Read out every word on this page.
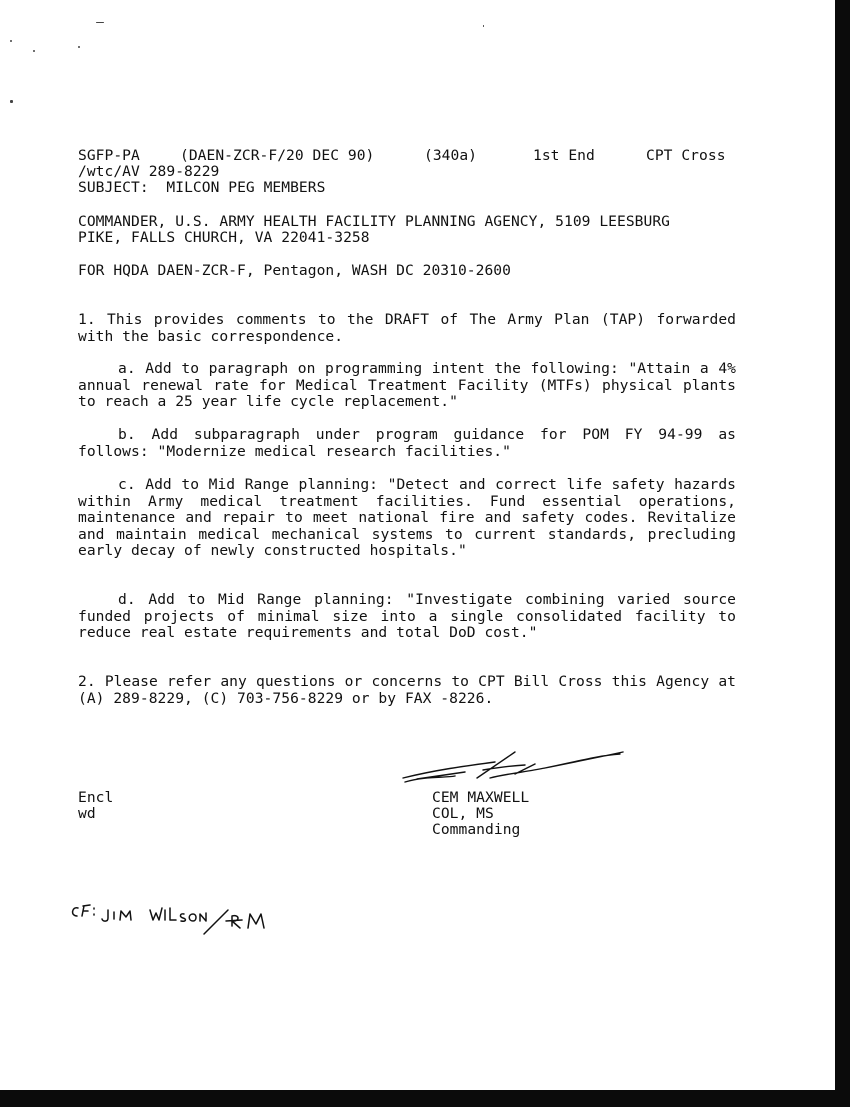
SGFP-PA

	(DAEN-ZCR-F/20 DEC 90)

	(340a)

	1st End

	CPT Cross

/wtc/AV 289-8229
SUBJECT: MILCON PEG MEMBERS
COMMANDER, U.S. ARMY HEALTH FACILITY PLANNING AGENCY, 5109 LEESBURG
PIKE, FALLS CHURCH, VA 22041-3258
FOR HQDA DAEN-ZCR-F, Pentagon, WASH DC 20310-2600
1. This provides comments to the DRAFT of The Army Plan (TAP) forwarded with the basic correspondence.
a. Add to paragraph on programming intent the following: "Attain a 4% annual renewal rate for Medical Treatment Facility (MTFs) physical plants to reach a 25 year life cycle replacement."
b. Add subparagraph under program guidance for POM FY 94-99 as follows: "Modernize medical research facilities."
c. Add to Mid Range planning: "Detect and correct life safety hazards within Army medical treatment facilities. Fund essential operations, maintenance and repair to meet national fire and safety codes. Revitalize and maintain medical mechanical systems to current standards, precluding early decay of newly constructed hospitals."
d. Add to Mid Range planning: "Investigate combining varied source funded projects of minimal size into a single consolidated facility to reduce real estate requirements and total DoD cost."
2. Please refer any questions or concerns to CPT Bill Cross this Agency at (A) 289-8229, (C) 703-756-8229 or by FAX -8226.
Encl
wd
CEM MAXWELL
COL, MS
Commanding
